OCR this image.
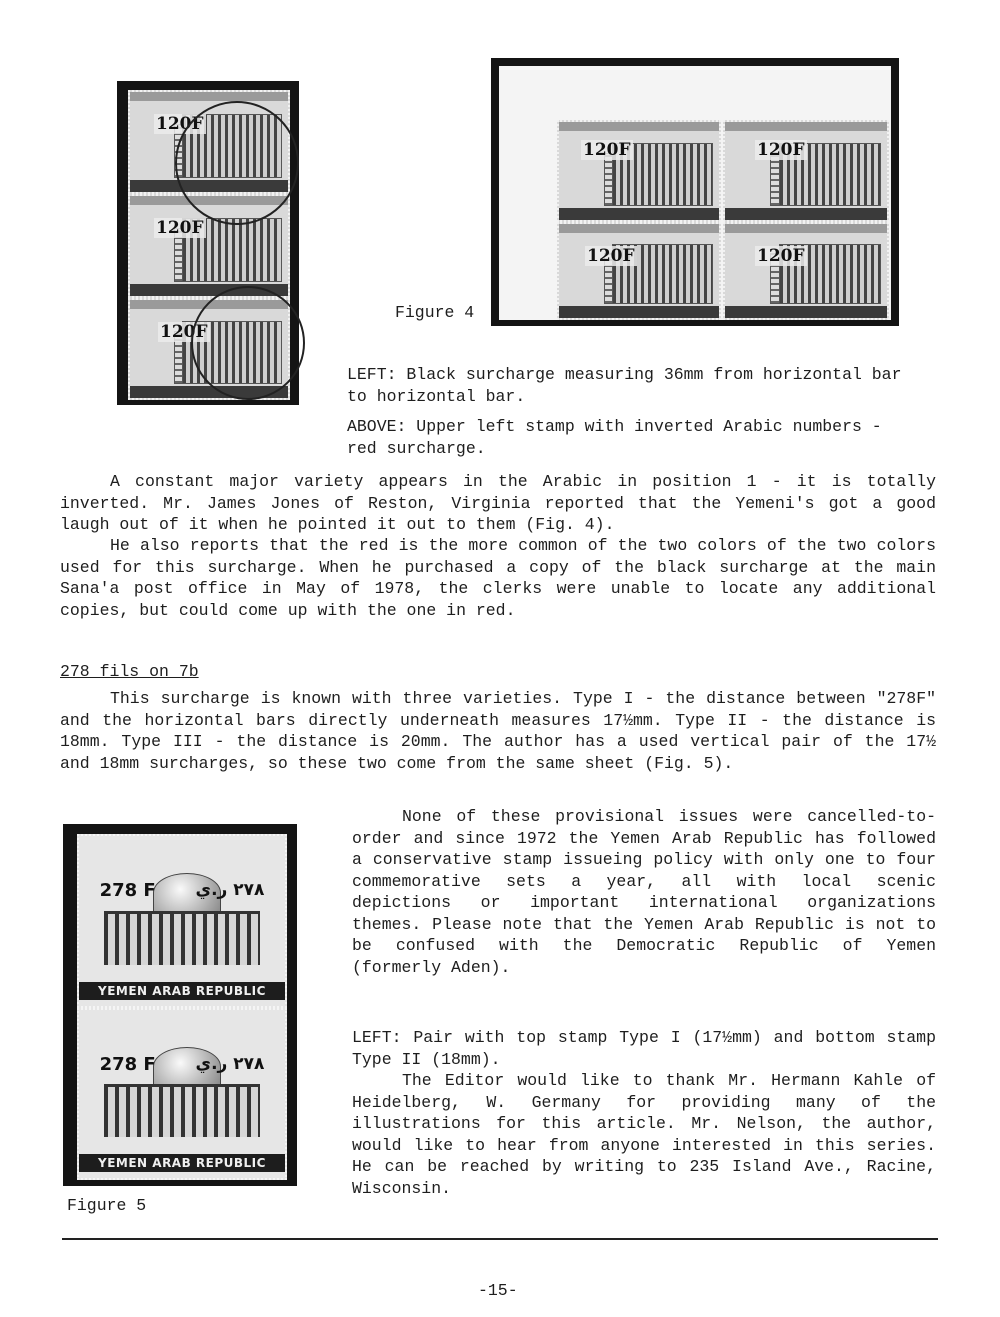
120F
120F
120F
Figure 4
120F	120F
120F	120F
LEFT: Black surcharge measuring 36mm from horizontal bar
to horizontal bar.
ABOVE: Upper left stamp with inverted Arabic numbers -
red surcharge.
A constant major variety appears in the Arabic in position 1 - it is totally inverted. Mr. James Jones of Reston, Virginia reported that the Yemeni's got a good laugh out of it when he pointed it out to them (Fig. 4).
He also reports that the red is the more common of the two colors of the two colors used for this surcharge. When he purchased a copy of the black surcharge at the main Sana'a post office in May of 1978, the clerks were unable to locate any additional copies, but could come up with the one in red.
278 fils on 7b
This surcharge is known with three varieties. Type I - the distance between "278F" and the horizontal bars directly underneath measures 17½mm. Type II - the distance is 18mm. Type III - the distance is 20mm. The author has a used vertical pair of the 17½ and 18mm surcharges, so these two come from the same sheet (Fig. 5).
278 F ٢٧٨ ر.ي
YEMEN ARAB REPUBLIC
278 F ٢٧٨ ر.ي
YEMEN ARAB REPUBLIC
Figure 5
None of these provisional issues were cancelled-to-order and since 1972 the Yemen Arab Republic has followed a conservative stamp issueing policy with only one to four commemorative sets a year, all with local scenic depictions or important international organizations themes. Please note that the Yemen Arab Republic is not to be confused with the Democratic Republic of Yemen (formerly Aden).
LEFT: Pair with top stamp Type I (17½mm) and bottom stamp Type II (18mm).
The Editor would like to thank Mr. Hermann Kahle of Heidelberg, W. Germany for providing many of the illustrations for this article. Mr. Nelson, the author, would like to hear from anyone interested in this series. He can be reached by writing to 235 Island Ave., Racine, Wisconsin.
-15-
